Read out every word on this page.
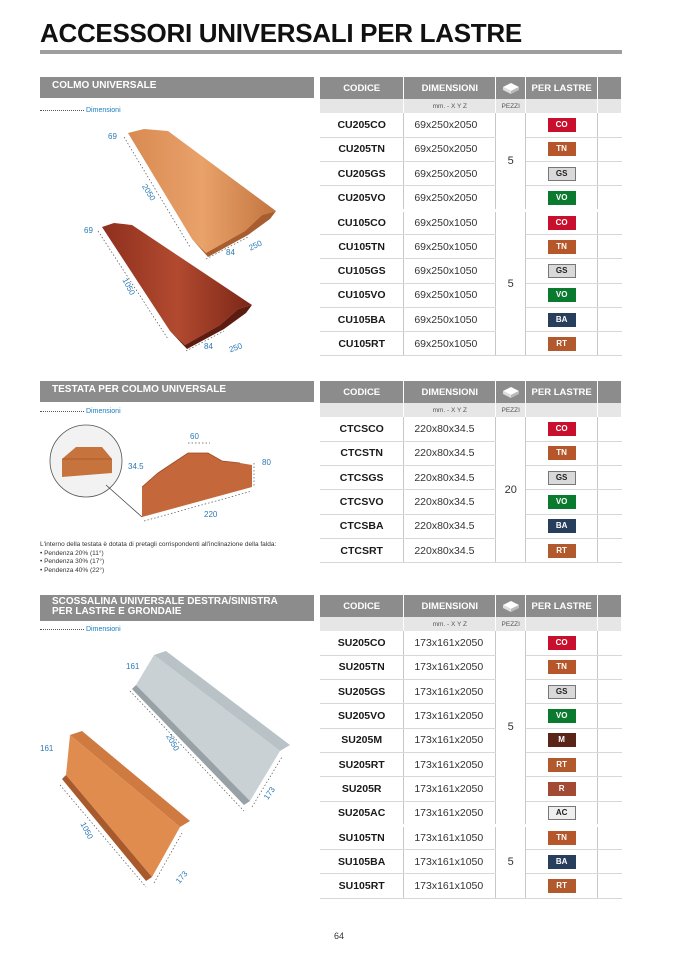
ACCESSORI UNIVERSALI PER LASTRE
COLMO UNIVERSALE
Dimensioni
69
2050
84 250
69
1050
84 250
CODICE	DIMENSIONI		PER LASTRE	
	mm. - X Y Z	PEZZI		
CU205CO	69x250x2050	5	CO	
CU205TN	69x250x2050		TN	
CU205GS	69x250x2050		GS	
CU205VO	69x250x2050		VO	
CU105CO	69x250x1050	5	CO	
CU105TN	69x250x1050		TN	
CU105GS	69x250x1050		GS	
CU105VO	69x250x1050		VO	
CU105BA	69x250x1050		BA	
CU105RT	69x250x1050		RT	
TESTATA PER COLMO UNIVERSALE
Dimensioni
60
34.5	80
220
L'interno della testata è dotata di pretagli corrispondenti all'inclinazione della falda:
• Pendenza 20% (11°)
• Pendenza 30% (17°)
• Pendenza 40% (22°)
CODICE	DIMENSIONI		PER LASTRE	
	mm. - X Y Z	PEZZI		
CTCSCO	220x80x34.5	20	CO	
CTCSTN	220x80x34.5		TN	
CTCSGS	220x80x34.5		GS	
CTCSVO	220x80x34.5		VO	
CTCSBA	220x80x34.5		BA	
CTCSRT	220x80x34.5		RT	
SCOSSALINA UNIVERSALE DESTRA/SINISTRA
PER LASTRE E GRONDAIE
Dimensioni
161
2050
173
161
1050
173
CODICE	DIMENSIONI		PER LASTRE	
	mm. - X Y Z	PEZZI		
SU205CO	173x161x2050	5	CO	
SU205TN	173x161x2050		TN	
SU205GS	173x161x2050		GS	
SU205VO	173x161x2050		VO	
SU205M	173x161x2050		M	
SU205RT	173x161x2050		RT	
SU205R	173x161x2050		R	
SU205AC	173x161x2050		AC	
SU105TN	173x161x1050	5	TN	
SU105BA	173x161x1050		BA	
SU105RT	173x161x1050		RT	
64
